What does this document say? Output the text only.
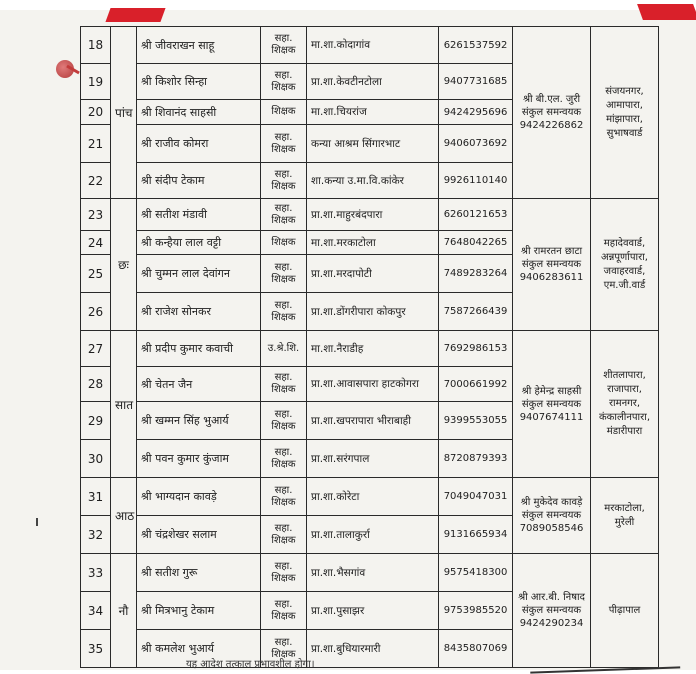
18	पांच	श्री जीवराखन साहू	सहा. शिक्षक	मा.शा.कोदागांव	6261537592	श्री बी.एल. जुरी संकुल समन्वयक 9424226862	संजयनगर, आमापारा, मांझापारा, सुभाषवार्ड
19		श्री किशोर सिन्हा	सहा. शिक्षक	प्रा.शा.केवटीनटोला	9407731685		
20		श्री शिवानंद साहसी	शिक्षक	मा.शा.चियरांज	9424295696		
21		श्री राजीव कोमरा	सहा. शिक्षक	कन्या आश्रम सिंगारभाट	9406073692		
22		श्री संदीप टेकाम	सहा. शिक्षक	शा.कन्या उ.मा.वि.कांकेर	9926110140		
23	छः	श्री सतीश मंडावी	सहा. शिक्षक	प्रा.शा.माहुरबंदपारा	6260121653	श्री रामरतन छाटा संकुल समन्वयक 9406283611	महादेववार्ड, अन्नपूर्णापारा, जवाहरवार्ड, एम.जी.वार्ड
24		श्री कन्हैया लाल वट्टी	शिक्षक	मा.शा.मरकाटोला	7648042265		
25		श्री चुम्मन लाल देवांगन	सहा. शिक्षक	प्रा.शा.मरदापोटी	7489283264		
26		श्री राजेश सोनकर	सहा. शिक्षक	प्रा.शा.डोंगरीपारा कोकपुर	7587266439		
27	सात	श्री प्रदीप कुमार कवाची	उ.श्रे.शि.	मा.शा.नैराडीह	7692986153	श्री हेमेन्द्र साहसी संकुल समन्वयक 9407674111	शीतलापारा, राजापारा, रामनगर, कंकालीनपारा, मंडारीपारा
28		श्री चेतन जैन	सहा. शिक्षक	प्रा.शा.आवासपारा हाटकोगरा	7000661992		
29		श्री खम्मन सिंह भुआर्य	सहा. शिक्षक	प्रा.शा.खपरापारा भीराबाही	9399553055		
30		श्री पवन कुमार कुंजाम	सहा. शिक्षक	प्रा.शा.सरंगपाल	8720879393		
31	आठ	श्री भाग्यदान कावड़े	सहा. शिक्षक	प्रा.शा.कोरेटा	7049047031	श्री मुकेदेव कावड़े संकुल समन्वयक 7089058546	मरकाटोला, मुरेली
32		श्री चंद्रशेखर सलाम	सहा. शिक्षक	प्रा.शा.तालाकुर्रा	9131665934		
33	नौ	श्री सतीश गुरू	सहा. शिक्षक	प्रा.शा.भैसगांव	9575418300	श्री आर.बी. निषाद संकुल समन्वयक 9424290234	पीढ़ापाल
34		श्री मित्रभानु टेकाम	सहा. शिक्षक	प्रा.शा.पुसाझर	9753985520		
35		श्री कमलेश भुआर्य	सहा. शिक्षक	प्रा.शा.बुधियारमारी	8435807069		
यह आदेश तत्काल प्रभावशील होगा।
